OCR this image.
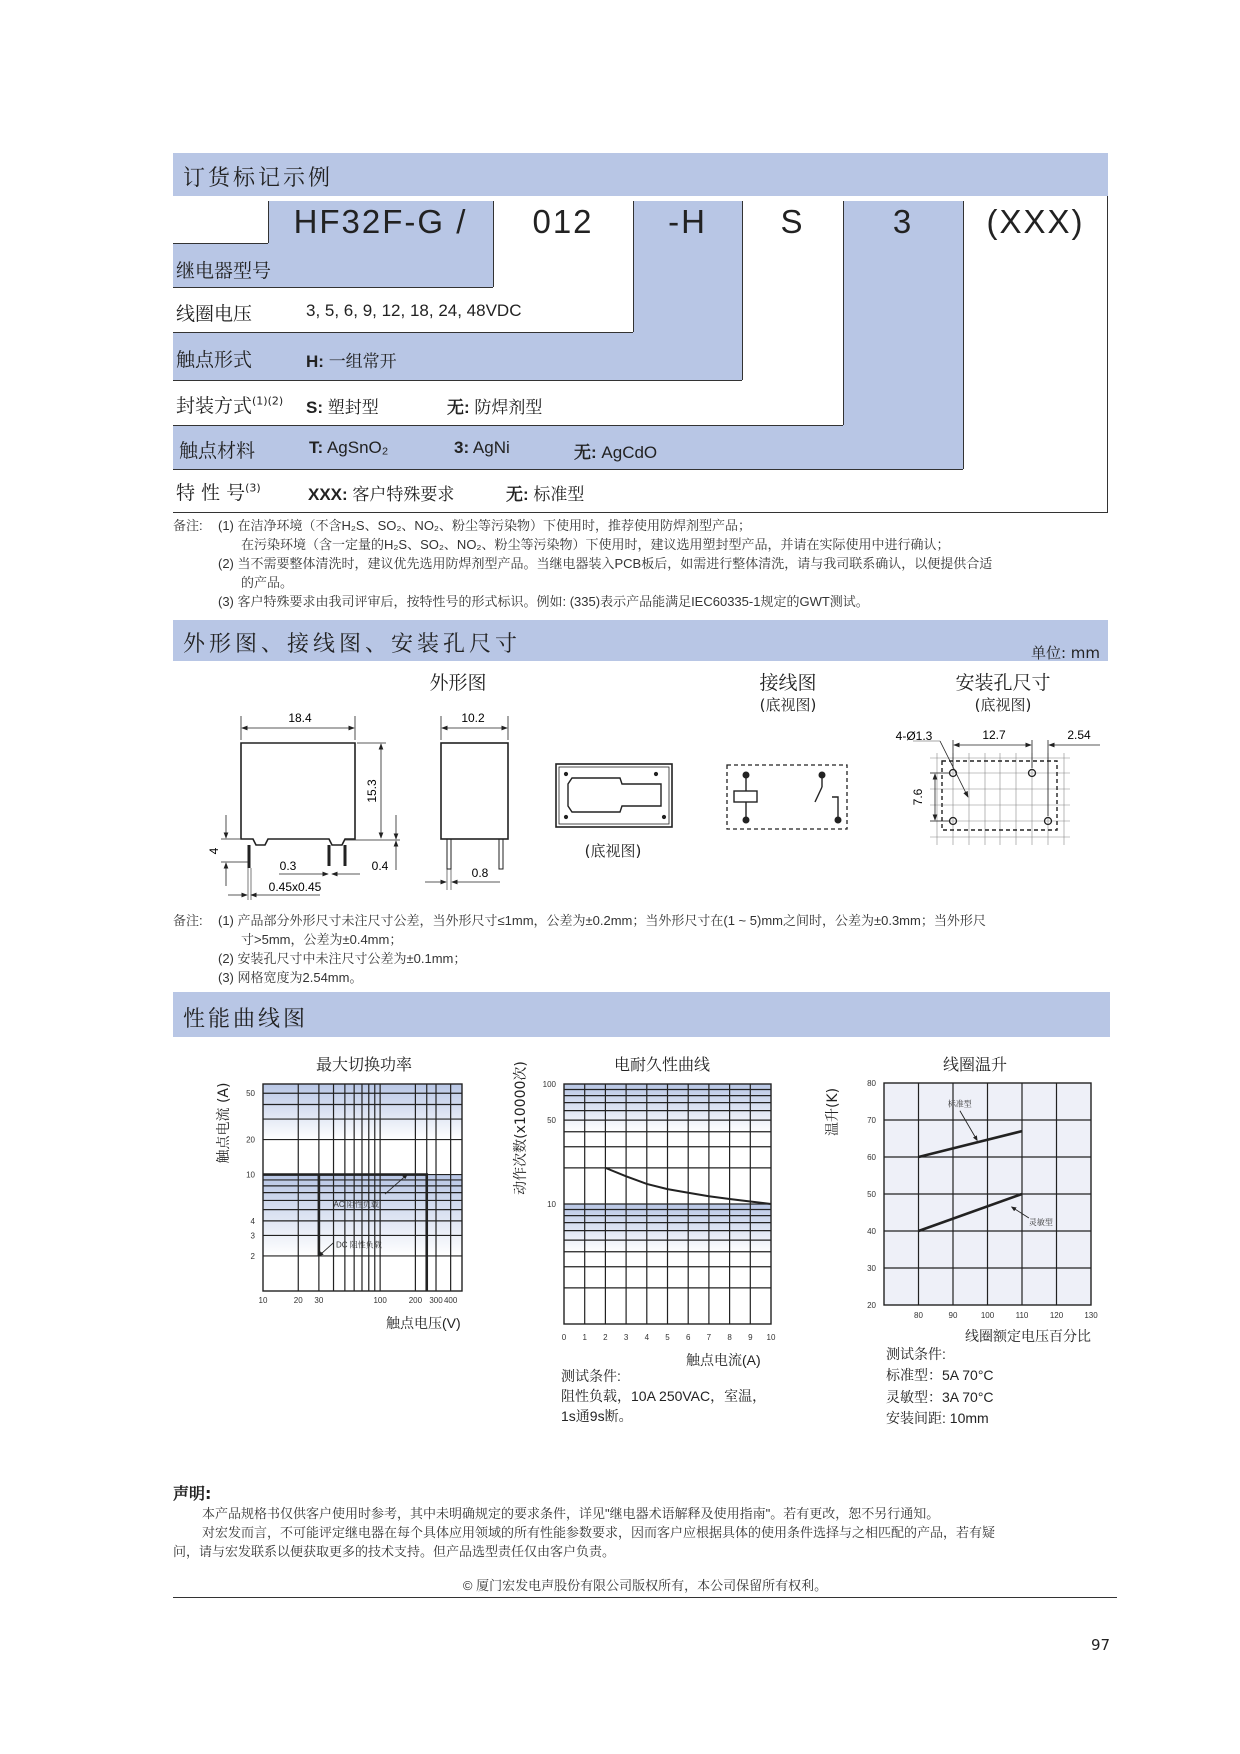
订货标记示例
HF32F-G /	012	-H	S	3	(XXX)
继电器型号
线圈电压	3, 5, 6, 9, 12, 18, 24, 48VDC
触点形式	H: 一组常开
封装方式$^{(1)(2)}$ S: 塑封型	无: 防焊剂型
触点材料	T: AgSnO₂	3: AgNi	无: AgCdO
特 性 号$^{(3)}$	XXX: 客户特殊要求	无: 标准型
备注: (1) 在洁净环境（不含H₂S、SO₂、NO₂、粉尘等污染物）下使用时，推荐使用防焊剂型产品；
在污染环境（含一定量的H₂S、SO₂、NO₂、粉尘等污染物）下使用时，建议选用塑封型产品，并请在实际使用中进行确认；
(2) 当不需要整体清洗时，建议优先选用防焊剂型产品。当继电器装入PCB板后，如需进行整体清洗，请与我司联系确认，以便提供合适
的产品。
(3) 客户特殊要求由我司评审后，按特性号的形式标识。例如: (335)表示产品能满足IEC60335-1规定的GWT测试。
外形图、接线图、安装孔尺寸	单位: mm
外形图	接线图
(底视图)
安装孔尺寸
(底视图)
(底视图)
18.4
15.3
4
0.3	0.4
0.45x0.45
10.2
0.8
4-Ø1.3	12.7	2.54
7.6
备注: (1) 产品部分外形尺寸未注尺寸公差，当外形尺寸≤1mm，公差为±0.2mm；当外形尺寸在(1 ~ 5)mm之间时，公差为±0.3mm；当外形尺
寸>5mm，公差为±0.4mm；
(2) 安装孔尺寸中未注尺寸公差为±0.1mm；
(3) 网格宽度为2.54mm。
性能曲线图
最大切换功率	电耐久性曲线	线圈温升
触点电流 (A)	动作次数(x10000次)	温升(K)
触点电压(V)
触点电流(A)
线圈额定电压百分比
10	20 30	100	200 300 400
50
20
10
4
3
2
AC 阻性负载
DC 阻性负载
0 1 2 3 4 5 6 7 8 9 10
100
50
10
80	90	100	110	120	130
80
70
60
50
40
30
20
标准型
灵敏型
测试条件:
阻性负载，10A 250VAC，室温，
1s通9s断。
测试条件:
标准型：5A 70°C
灵敏型：3A 70°C
安装间距: 10mm
声明:
本产品规格书仅供客户使用时参考，其中未明确规定的要求条件，详见"继电器术语解释及使用指南"。若有更改，恕不另行通知。
对宏发而言，不可能评定继电器在每个具体应用领域的所有性能参数要求，因而客户应根据具体的使用条件选择与之相匹配的产品，若有疑
问，请与宏发联系以便获取更多的技术支持。但产品选型责任仅由客户负责。
© 厦门宏发电声股份有限公司版权所有，本公司保留所有权利。
97
